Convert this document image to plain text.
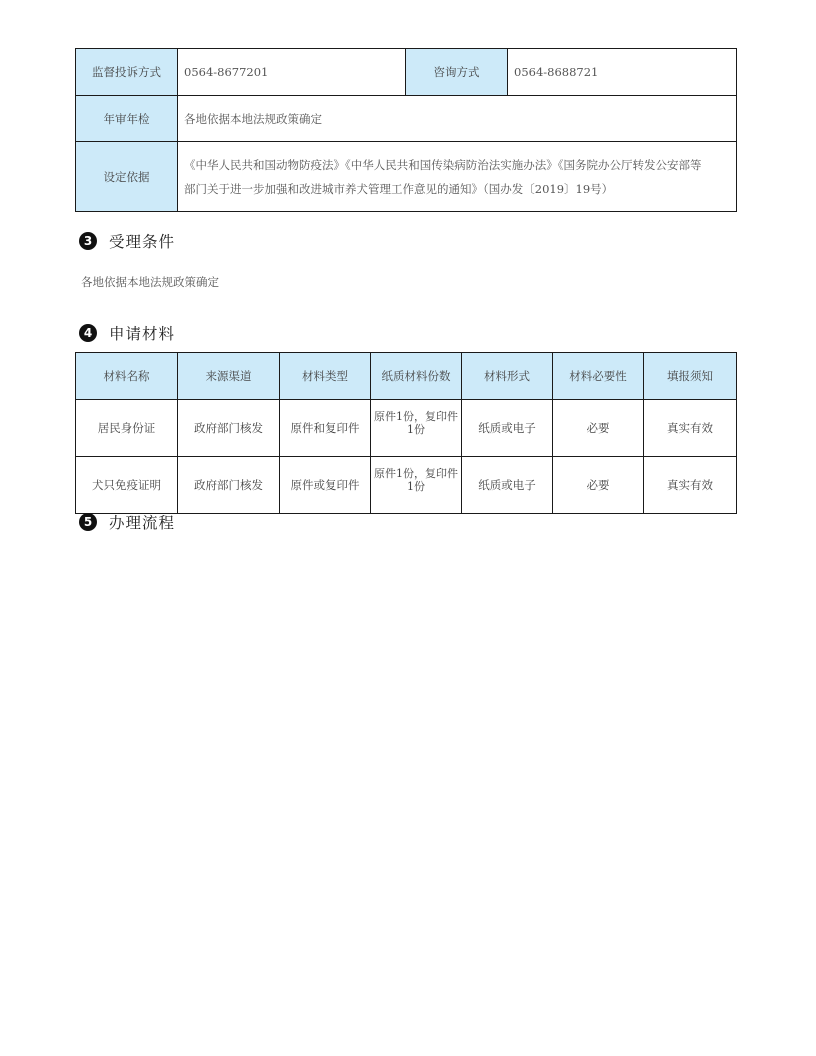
监督投诉方式	0564-8677201	咨询方式	0564-8688721
年审年检	各地依据本地法规政策确定		
设定依据	《中华人民共和国动物防疫法》《中华人民共和国传染病防治法实施办法》《国务院办公厅转发公安部等
部门关于进一步加强和改进城市养犬管理工作意见的通知》（国办发〔2019〕19号）		
3	受理条件
各地依据本地法规政策确定
4	申请材料
材料名称	来源渠道	材料类型	纸质材料份数	材料形式	材料必要性	填报须知
居民身份证	政府部门核发	原件和复印件	原件1份，复印件1份	纸质或电子	必要	真实有效
犬只免疫证明	政府部门核发	原件或复印件	原件1份，复印件1份	纸质或电子	必要	真实有效
5	办理流程
